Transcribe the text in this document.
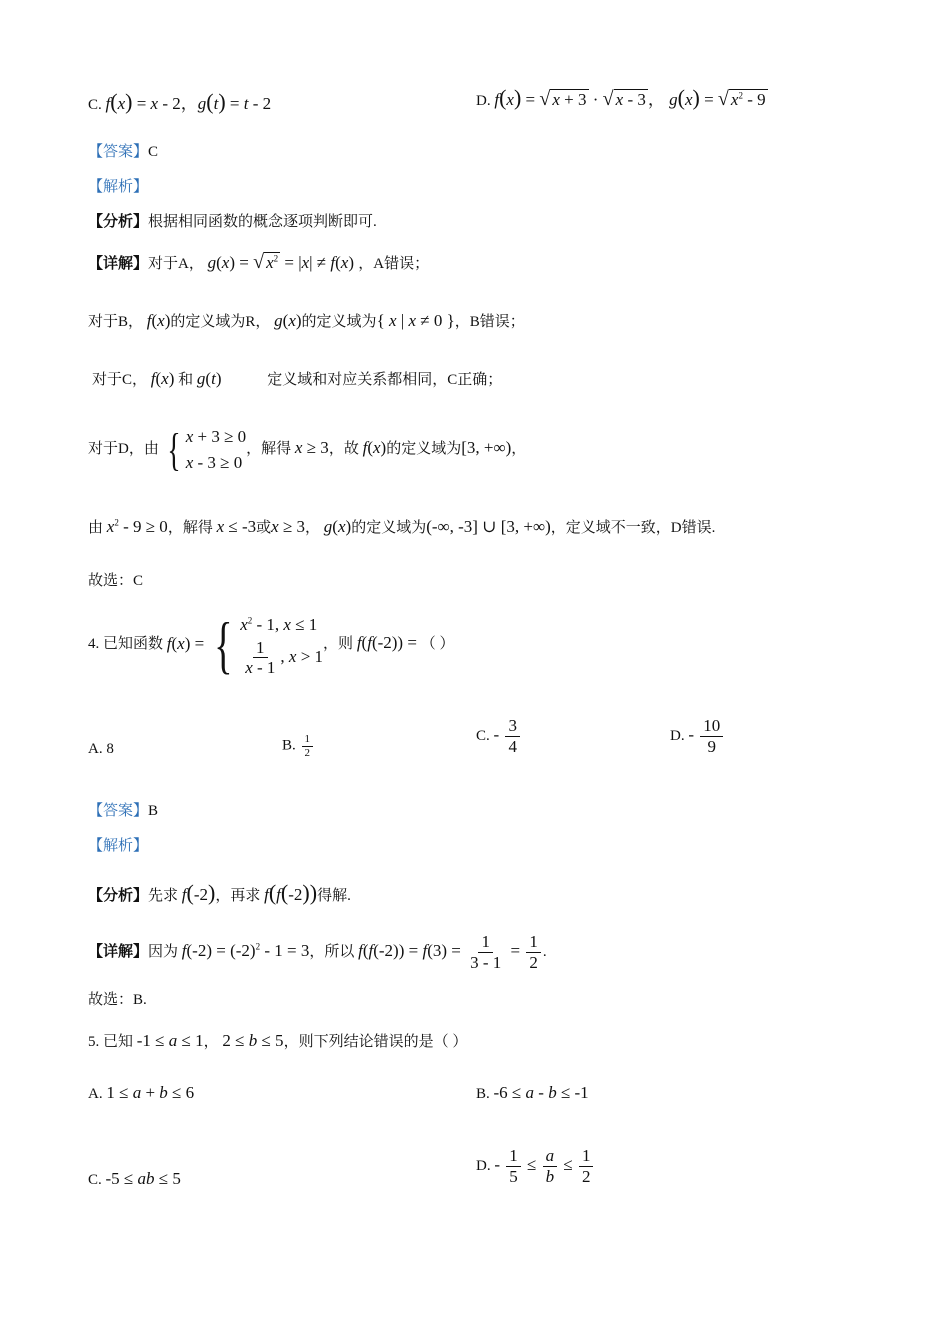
C. f(x) = x - 2，g(t) = t - 2	D. f(x) = √ x + 3 · √ x - 3 ， g(x) = √ $x^2 - 9$
【答案】C
【解析】
【分析】根据相同函数的概念逐项判断即可.
【详解】对于A， g(x) = √ $x^2 = |x| \ne f(x)$ ，A错误；
对于B， f(x)的定义域为R， g(x)的定义域为{ x | x ≠ 0 }，B错误；
对于C， f(x) 和 g(t)	定义域和对应关系都相同，C正确；
对于D，由 { x + 3 ≥ 0
x - 3 ≥ 0
，解得 x ≥ 3，故 f(x)的定义域为[3, +∞)，
由 $x^2 - 9 \ge 0$，解得 x ≤ -3或x ≥ 3， g(x)的定义域为(-∞, -3] ∪ [3, +∞)，定义域不一致，D错误.
故选：C
4. 已知函数 f ( x ) = { $x^2 - 1$, x ≤ 1
$\frac{1}{x - 1}$ , x > 1
，则 f(f(-2)) = （ ）
A. 8	B. $\frac{1}{2}$	C. - $\frac{3}{4}$	D. - $\frac{10}{9}$
【答案】B
【解析】
【分析】先求 f(-2)，再求 f(f(-2))得解.
【详解】因为 $f(-2) = (-2)^2 - 1 = 3$，所以 $f(f(-2)) = f(3) = \frac{1}{3 - 1} = \frac{1}{2}$ .
故选：B.
5. 已知 -1 ≤ a ≤ 1， 2 ≤ b ≤ 5，则下列结论错误的是（ ）
A. 1 ≤ a + b ≤ 6	B. -6 ≤ a - b ≤ -1
C. -5 ≤ ab ≤ 5
D. - $\frac{1}{5} \le \frac{a}{b} \le \frac{1}{2}$
